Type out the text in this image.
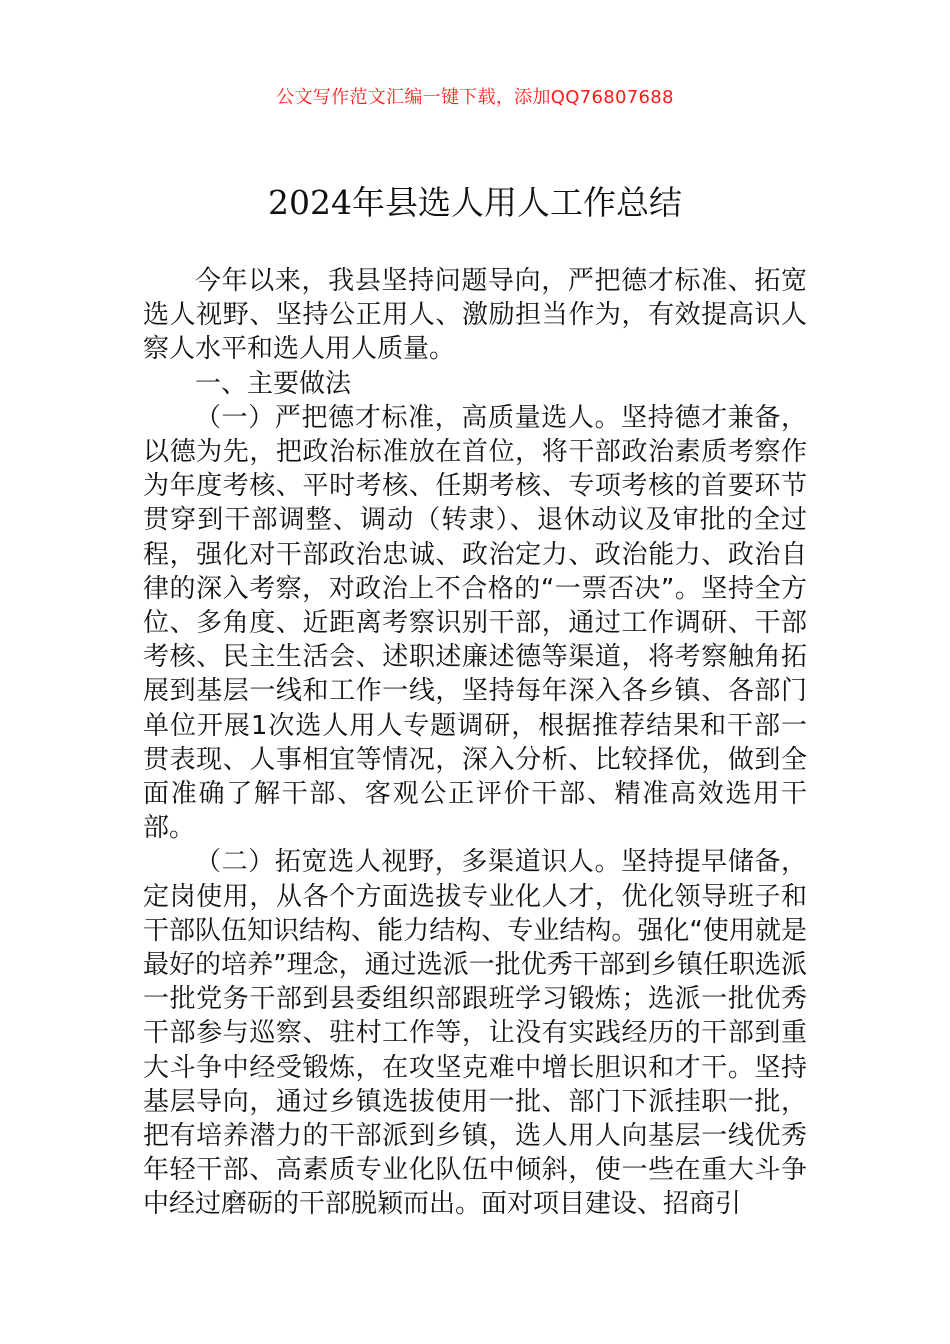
公文写作范文汇编一键下载，添加QQ76807688
2024年县选人用人工作总结

今年以来，我县坚持问题导向，严把德才标准、拓宽选人视野、坚持公正用人、激励担当作为，有效提高识人察人水平和选人用人质量。

一、主要做法

（一）严把德才标准，高质量选人。坚持德才兼备，以德为先，把政治标准放在首位，将干部政治素质考察作为年度考核、平时考核、任期考核、专项考核的首要环节贯穿到干部调整、调动（转隶）、退休动议及审批的全过程，强化对干部政治忠诚、政治定力、政治能力、政治自律的深入考察，对政治上不合格的“一票否决”。坚持全方位、多角度、近距离考察识别干部，通过工作调研、干部考核、民主生活会、述职述廉述德等渠道，将考察触角拓展到基层一线和工作一线，坚持每年深入各乡镇、各部门单位开展1次选人用人专题调研，根据推荐结果和干部一贯表现、人事相宜等情况，深入分析、比较择优，做到全面准确了解干部、客观公正评价干部、精准高效选用干部。

（二）拓宽选人视野，多渠道识人。坚持提早储备，定岗使用，从各个方面选拔专业化人才，优化领导班子和干部队伍知识结构、能力结构、专业结构。强化“使用就是最好的培养”理念，通过选派一批优秀干部到乡镇任职选派一批党务干部到县委组织部跟班学习锻炼；选派一批优秀干部参与巡察、驻村工作等，让没有实践经历的干部到重大斗争中经受锻炼，在攻坚克难中增长胆识和才干。坚持基层导向，通过乡镇选拔使用一批、部门下派挂职一批，把有培养潜力的干部派到乡镇，选人用人向基层一线优秀年轻干部、高素质专业化队伍中倾斜，使一些在重大斗争中经过磨砺的干部脱颖而出。面对项目建设、招商引
